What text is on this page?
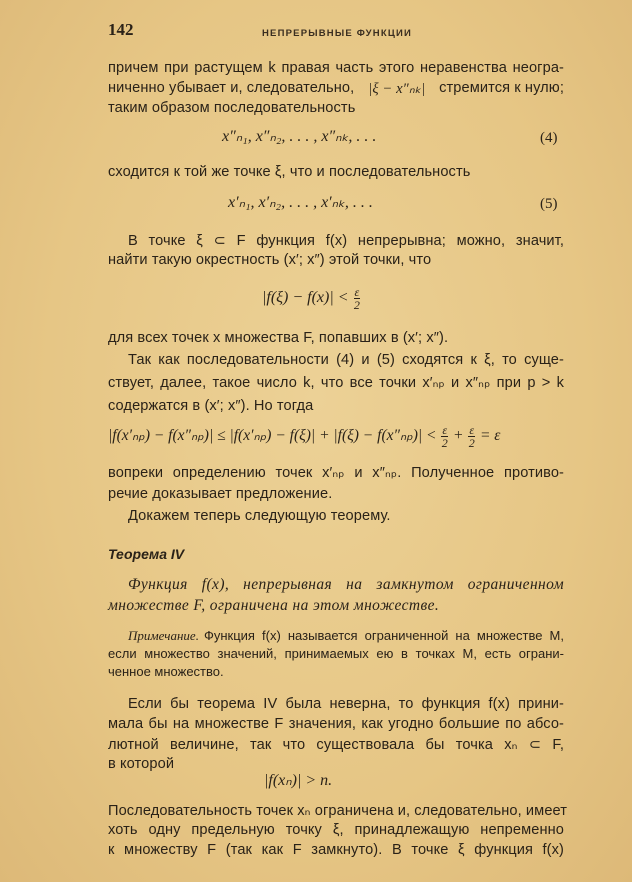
142	НЕПРЕРЫВНЫЕ ФУНКЦИИ
причем при растущем k правая часть этого неравенства неогра-
ниченно убывает и, следовательно, |ξ − x″ₙₖ| стремится к нулю;
таким образом последовательность
x″ₙ₁, x″ₙ₂, . . . , x″ₙₖ, . . .	(4)
сходится к той же точке ξ, что и последовательность
x′ₙ₁, x′ₙ₂, . . . , x′ₙₖ, . . .	(5)
В точке ξ ⊂ F функция f(x) непрерывна; можно, значит,
найти такую окрестность (x′; x″) этой точки, что
$|f(\xi) - f(x)| < \frac{\varepsilon}{2}$
для всех точек x множества F, попавших в (x′; x″).
Так как последовательности (4) и (5) сходятся к ξ, то суще-
ствует, далее, такое число k, что все точки x′ₙₚ и x″ₙₚ при p > k
содержатся в (x′; x″). Но тогда
$|f(x'_{np}) - f(x''_{np})| \le |f(x'_{np}) - f(\xi)| + |f(\xi) - f(x''_{np})| < \frac{\varepsilon}{2} + \frac{\varepsilon}{2} = \varepsilon$
вопреки определению точек x′ₙₚ и x″ₙₚ. Полученное противо-
речие доказывает предложение.
Докажем теперь следующую теорему.
Теорема IV
Функция f(x), непрерывная на замкнутом ограниченном
множестве F, ограничена на этом множестве.
Примечание. Функция f(x) называется ограниченной на множестве M,
если множество значений, принимаемых ею в точках M, есть ограни-
ченное множество.
Если бы теорема IV была неверна, то функция f(x) прини-
мала бы на множестве F значения, как угодно большие по абсо-
лютной величине, так что существовала бы точка xₙ ⊂ F,
в которой
|f(xₙ)| > n.
Последовательность точек xₙ ограничена и, следовательно, имеет
хоть одну предельную точку ξ, принадлежащую непременно
к множеству F (так как F замкнуто). В точке ξ функция f(x)
